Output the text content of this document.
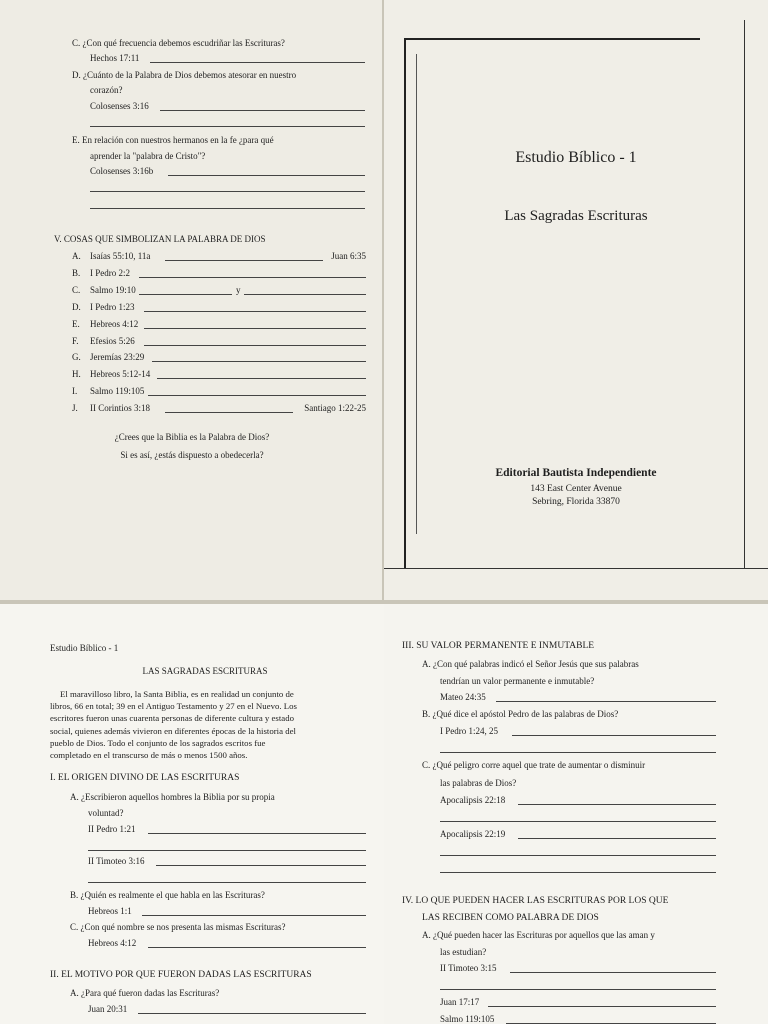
C. ¿Con qué frecuencia debemos escudriñar las Escrituras?
Hechos 17:11
D. ¿Cuánto de la Palabra de Dios debemos atesorar en nuestro
corazón?
Colosenses 3:16
E. En relación con nuestros hermanos en la fe ¿para qué
aprender la "palabra de Cristo"?
Colosenses 3:16b
V. COSAS QUE SIMBOLIZAN LA PALABRA DE DIOS
A. Isaías 55:10, 11a	Juan 6:35
B. I Pedro 2:2
C. Salmo 19:10	y
D. I Pedro 1:23
E. Hebreos 4:12
F. Efesios 5:26
G. Jeremías 23:29
H. Hebreos 5:12-14
I. Salmo 119:105
J. II Corintios 3:18	Santiago 1:22-25
¿Crees que la Biblia es la Palabra de Dios?
Si es así, ¿estás dispuesto a obedecerla?
Estudio Bíblico - 1
Las Sagradas Escrituras
Editorial Bautista Independiente
143 East Center Avenue
Sebring, Florida 33870
Estudio Bíblico - 1
LAS SAGRADAS ESCRITURAS
El maravilloso libro, la Santa Biblia, es en realidad un conjunto de
libros, 66 en total; 39 en el Antiguo Testamento y 27 en el Nuevo. Los
escritores fueron unas cuarenta personas de diferente cultura y estado
social, quienes además vivieron en diferentes épocas de la historia del
pueblo de Dios. Todo el conjunto de los sagrados escritos fue
completado en el transcurso de más o menos 1500 años.
I. EL ORIGEN DIVINO DE LAS ESCRITURAS
A. ¿Escribieron aquellos hombres la Biblia por su propia
voluntad?
II Pedro 1:21
II Timoteo 3:16
B. ¿Quién es realmente el que habla en las Escrituras?
Hebreos 1:1
C. ¿Con qué nombre se nos presenta las mismas Escrituras?
Hebreos 4:12
II. EL MOTIVO POR QUE FUERON DADAS LAS ESCRITURAS
A. ¿Para qué fueron dadas las Escrituras?
Juan 20:31
III. SU VALOR PERMANENTE E INMUTABLE
A. ¿Con qué palabras indicó el Señor Jesús que sus palabras
tendrían un valor permanente e inmutable?
Mateo 24:35
B. ¿Qué dice el apóstol Pedro de las palabras de Dios?
I Pedro 1:24, 25
C. ¿Qué peligro corre aquel que trate de aumentar o disminuir
las palabras de Dios?
Apocalipsis 22:18
Apocalipsis 22:19
IV. LO QUE PUEDEN HACER LAS ESCRITURAS POR LOS QUE
LAS RECIBEN COMO PALABRA DE DIOS
A. ¿Qué pueden hacer las Escrituras por aquellos que las aman y
las estudian?
II Timoteo 3:15
Juan 17:17
Salmo 119:105
